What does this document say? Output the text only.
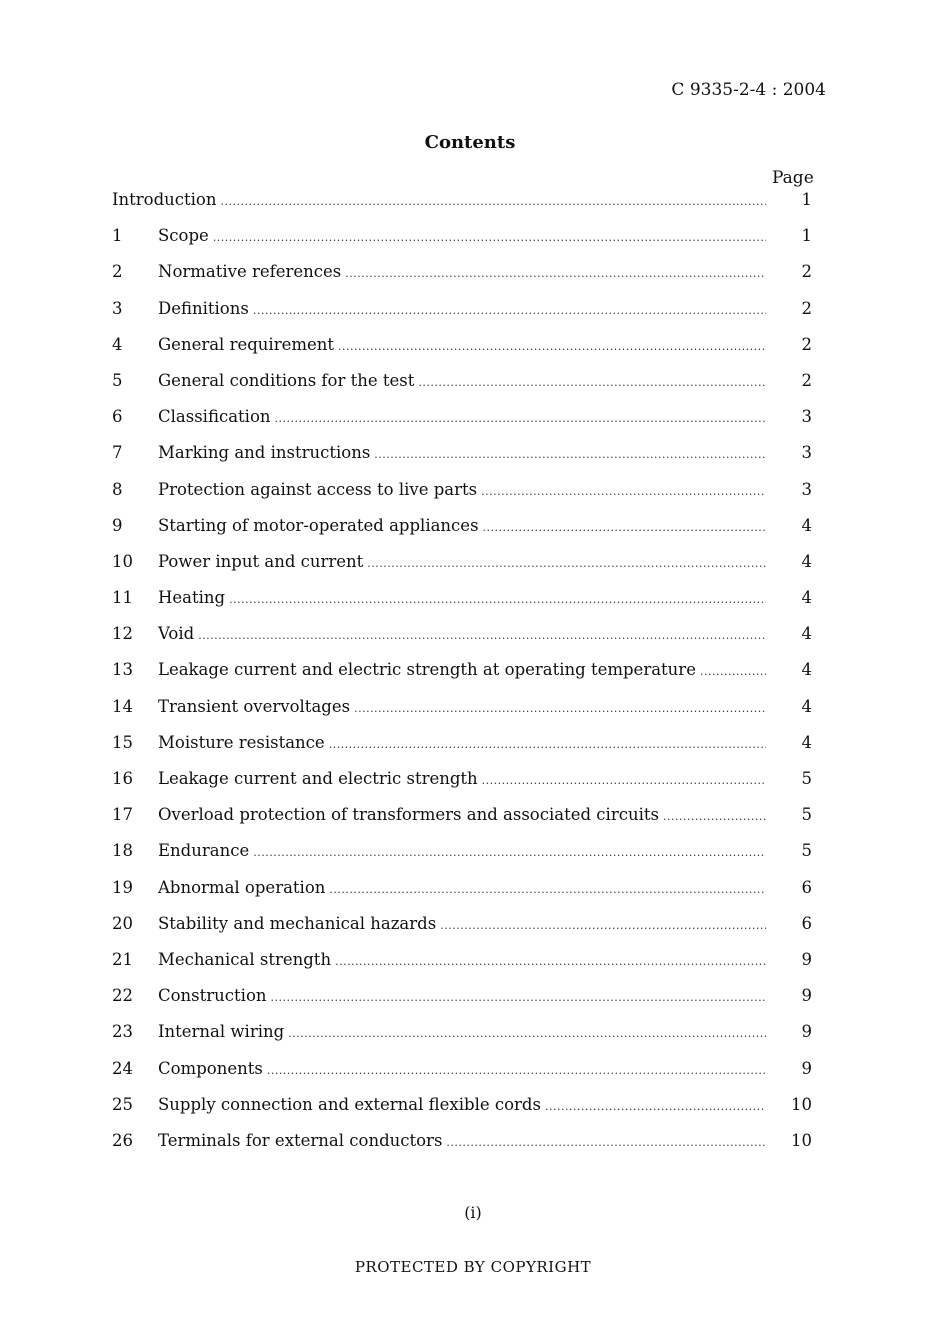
C 9335-2-4 : 2004
Contents
Page
Introduction .....	1
1	Scope .....	1
2	Normative references .....	2
3	Definitions .....	2
4	General requirement .....	2
5	General conditions for the test .....	2
6	Classification .....	3
7	Marking and instructions .....	3
8	Protection against access to live parts .....	3
9	Starting of motor-operated appliances .....	4
10	Power input and current .....	4
11	Heating .....	4
12	Void .....	4
13	Leakage current and electric strength at operating temperature .....	4
14	Transient overvoltages .....	4
15	Moisture resistance .....	4
16	Leakage current and electric strength .....	5
17	Overload protection of transformers and associated circuits .....	5
18	Endurance .....	5
19	Abnormal operation .....	6
20	Stability and mechanical hazards .....	6
21	Mechanical strength .....	9
22	Construction .....	9
23	Internal wiring .....	9
24	Components .....	9
25	Supply connection and external flexible cords .....	10
26	Terminals for external conductors .....	10
(i)
PROTECTED BY COPYRIGHT
